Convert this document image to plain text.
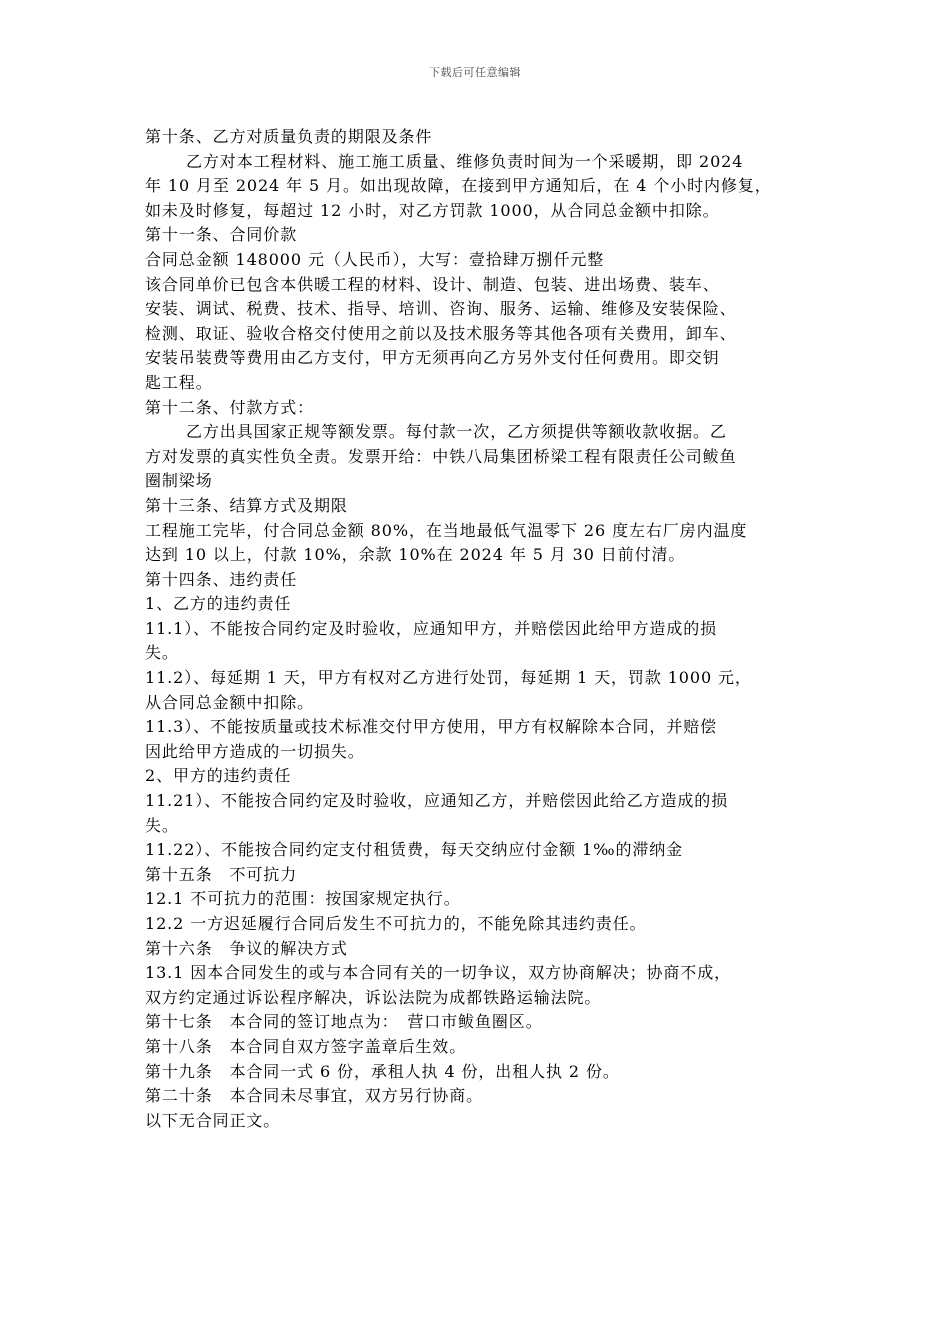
下载后可任意编辑
第十条、乙方对质量负责的期限及条件
乙方对本工程材料、施工施工质量、维修负责时间为一个采暖期，即 2024
年 10 月至 2024 年 5 月。如出现故障，在接到甲方通知后，在 4 个小时内修复，
如未及时修复，每超过 12 小时，对乙方罚款 1000，从合同总金额中扣除。
第十一条、合同价款
合同总金额 148000 元（人民币），大写：壹拾肆万捌仟元整
该合同单价已包含本供暖工程的材料、设计、制造、包装、进出场费、装车、
安装、调试、税费、技术、指导、培训、咨询、服务、运输、维修及安装保险、
检测、取证、验收合格交付使用之前以及技术服务等其他各项有关费用，卸车、
安装吊装费等费用由乙方支付，甲方无须再向乙方另外支付任何费用。即交钥
匙工程。
第十二条、付款方式：
乙方出具国家正规等额发票。每付款一次，乙方须提供等额收款收据。乙
方对发票的真实性负全责。发票开给：中铁八局集团桥梁工程有限责任公司鲅鱼
圈制梁场
第十三条、结算方式及期限
工程施工完毕，付合同总金额 80%，在当地最低气温零下 26 度左右厂房内温度
达到 10 以上，付款 10%，余款 10%在 2024 年 5 月 30 日前付清。
第十四条、违约责任
1、乙方的违约责任
11.1）、不能按合同约定及时验收，应通知甲方，并赔偿因此给甲方造成的损
失。
11.2）、每延期 1 天，甲方有权对乙方进行处罚，每延期 1 天，罚款 1000 元，
从合同总金额中扣除。
11.3）、不能按质量或技术标准交付甲方使用，甲方有权解除本合同，并赔偿
因此给甲方造成的一切损失。
2、甲方的违约责任
11.21）、不能按合同约定及时验收，应通知乙方，并赔偿因此给乙方造成的损
失。
11.22）、不能按合同约定支付租赁费，每天交纳应付金额 1‰的滞纳金
第十五条　不可抗力
12.1 不可抗力的范围：按国家规定执行。
12.2 一方迟延履行合同后发生不可抗力的，不能免除其违约责任。
第十六条　争议的解决方式
13.1 因本合同发生的或与本合同有关的一切争议，双方协商解决；协商不成，
双方约定通过诉讼程序解决，诉讼法院为成都铁路运输法院。
第十七条　本合同的签订地点为：　营口市鲅鱼圈区。
第十八条　本合同自双方签字盖章后生效。
第十九条　本合同一式 6 份，承租人执 4 份，出租人执 2 份。
第二十条　本合同未尽事宜，双方另行协商。
以下无合同正文。
